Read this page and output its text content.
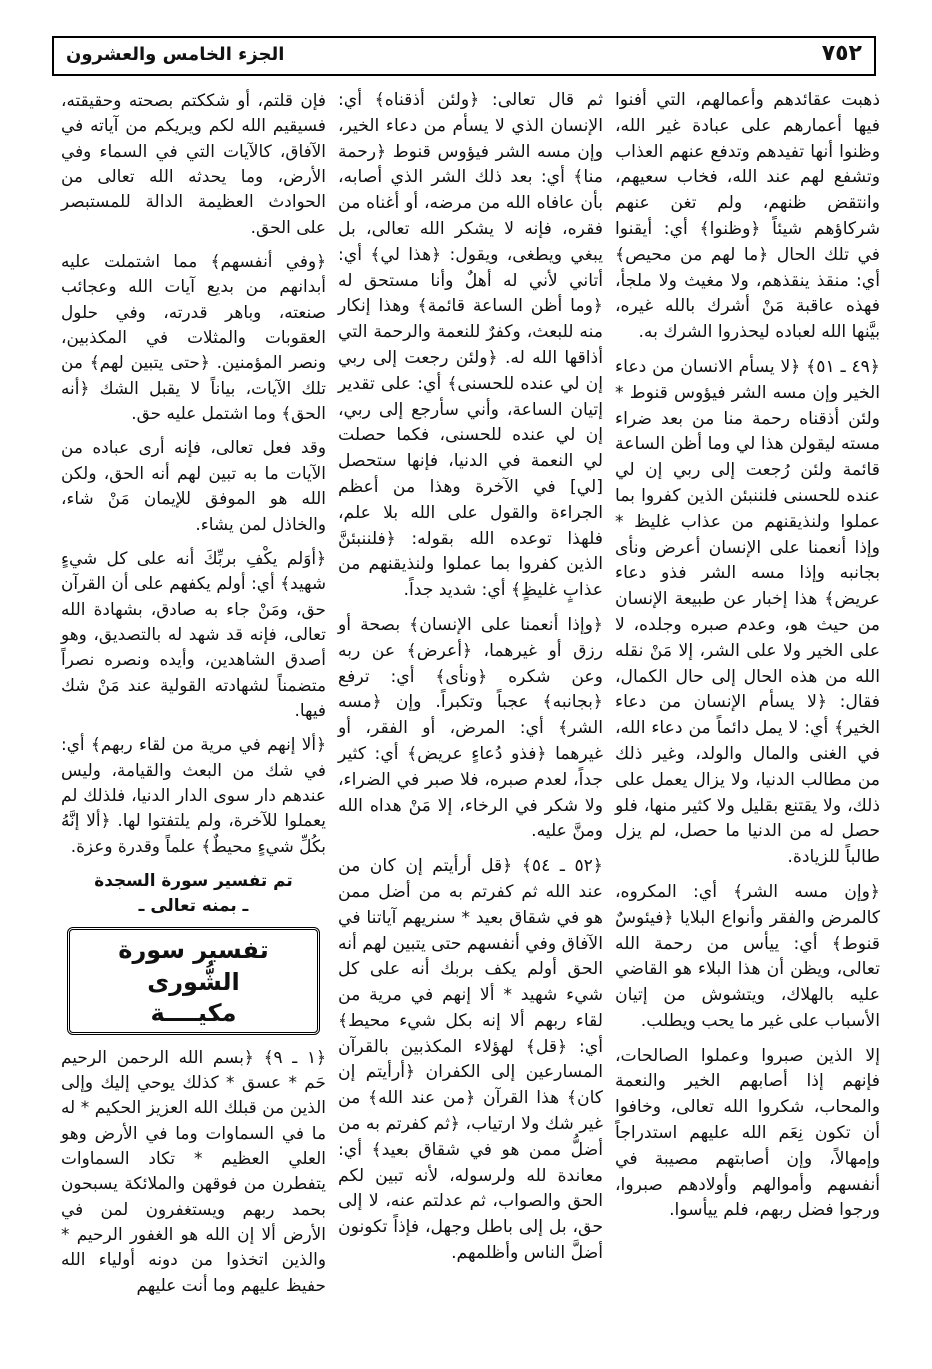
٧٥٢
الجزء الخامس والعشرون

ذهبت عقائدهم وأعمالهم، التي أفنوا فيها أعمارهم على عبادة غير الله، وظنوا أنها تفيدهم وتدفع عنهم العذاب وتشفع لهم عند الله، فخاب سعيهم، وانتقض ظنهم، ولم تغن عنهم شركاؤهم شيئاً ﴿وظنوا﴾ أي: أيقنوا في تلك الحال ﴿ما لهم من محيص﴾ أي: منقذ ينقذهم، ولا مغيث ولا ملجأ، فهذه عاقبة مَنْ أشرك بالله غيره، بيَّنها الله لعباده ليحذروا الشرك به.

﴿٤٩ ـ ٥١﴾ ﴿لا يسأم الانسان من دعاء الخير وإن مسه الشر فيؤوس قنوط * ولئن أذقناه رحمة منا من بعد ضراء مسته ليقولن هذا لي وما أظن الساعة قائمة ولئن رُجعت إلى ربي إن لي عنده للحسنى فلننبئن الذين كفروا بما عملوا ولنذيقنهم من عذاب غليظ * وإذا أنعمنا على الإنسان أعرض ونأى بجانبه وإذا مسه الشر فذو دعاء عريض﴾ هذا إخبار عن طبيعة الإنسان من حيث هو، وعدم صبره وجلده، لا على الخير ولا على الشر، إلا مَنْ نقله الله من هذه الحال إلى حال الكمال، فقال: ﴿لا يسأم الإنسان من دعاء الخير﴾ أي: لا يمل دائماً من دعاء الله، في الغنى والمال والولد، وغير ذلك من مطالب الدنيا، ولا يزال يعمل على ذلك، ولا يقتنع بقليل ولا كثير منها، فلو حصل له من الدنيا ما حصل، لم يزل طالباً للزيادة.

﴿وإن مسه الشر﴾ أي: المكروه، كالمرض والفقر وأنواع البلايا ﴿فيئوسٌ قنوط﴾ أي: ييأس من رحمة الله تعالى، ويظن أن هذا البلاء هو القاضي عليه بالهلاك، ويتشوش من إتيان الأسباب على غير ما يحب ويطلب.

إلا الذين صبروا وعملوا الصالحات، فإنهم إذا أصابهم الخير والنعمة والمحاب، شكروا الله تعالى، وخافوا أن تكون نِعَم الله عليهم استدراجاً وإمهالاً، وإن أصابتهم مصيبة في أنفسهم وأموالهم وأولادهم صبروا، ورجوا فضل ربهم، فلم ييأسوا.

ثم قال تعالى: ﴿ولئن أذقناه﴾ أي: الإنسان الذي لا يسأم من دعاء الخير، وإن مسه الشر فيؤوس قنوط ﴿رحمة منا﴾ أي: بعد ذلك الشر الذي أصابه، بأن عافاه الله من مرضه، أو أغناه من فقره، فإنه لا يشكر الله تعالى، بل يبغي ويطغى، ويقول: ﴿هذا لي﴾ أي: أتاني لأني له أهلٌ وأنا مستحق له ﴿وما أظن الساعة قائمة﴾ وهذا إنكار منه للبعث، وكفرٌ للنعمة والرحمة التي أذاقها الله له. ﴿ولئن رجعت إلى ربي إن لي عنده للحسنى﴾ أي: على تقدير إتيان الساعة، وأني سأرجع إلى ربي، إن لي عنده للحسنى، فكما حصلت لي النعمة في الدنيا، فإنها ستحصل [لي] في الآخرة وهذا من أعظم الجراءة والقول على الله بلا علم، فلهذا توعده الله بقوله: ﴿فلننبئنَّ الذين كفروا بما عملوا ولنذيقنهم من عذابٍ غليظٍ﴾ أي: شديد جداً.

﴿وإذا أنعمنا على الإنسان﴾ بصحة أو رزق أو غيرهما، ﴿أعرض﴾ عن ربه وعن شكره ﴿ونأى﴾ أي: ترفع ﴿بجانبه﴾ عجباً وتكبراً. وإن ﴿مسه الشر﴾ أي: المرض، أو الفقر، أو غيرهما ﴿فذو دُعاءٍ عريض﴾ أي: كثير جداً، لعدم صبره، فلا صبر في الضراء، ولا شكر في الرخاء، إلا مَنْ هداه الله ومنَّ عليه.

﴿٥٢ ـ ٥٤﴾ ﴿قل أرأيتم إن كان من عند الله ثم كفرتم به من أضل ممن هو في شقاق بعيد * سنريهم آياتنا في الآفاق وفي أنفسهم حتى يتبين لهم أنه الحق أولم يكف بربك أنه على كل شيء شهيد * ألا إنهم في مرية من لقاء ربهم ألا إنه بكل شيء محيط﴾ أي: ﴿قل﴾ لهؤلاء المكذبين بالقرآن المسارعين إلى الكفران ﴿أرأيتم إن كان﴾ هذا القرآن ﴿من عند الله﴾ من غير شك ولا ارتياب، ﴿ثم كفرتم به من أضلُّ ممن هو في شقاق بعيد﴾ أي: معاندة لله ولرسوله، لأنه تبين لكم الحق والصواب، ثم عدلتم عنه، لا إلى حق، بل إلى باطل وجهل، فإذاً تكونون أضلَّ الناس وأظلمهم.

فإن قلتم، أو شككتم بصحته وحقيقته، فسيقيم الله لكم ويريكم من آياته في الآفاق، كالآيات التي في السماء وفي الأرض، وما يحدثه الله تعالى من الحوادث العظيمة الدالة للمستبصر على الحق.

﴿وفي أنفسهم﴾ مما اشتملت عليه أبدانهم من بديع آيات الله وعجائب صنعته، وباهر قدرته، وفي حلول العقوبات والمثلات في المكذبين، ونصر المؤمنين. ﴿حتى يتبين لهم﴾ من تلك الآيات، بياناً لا يقبل الشك ﴿أنه الحق﴾ وما اشتمل عليه حق.

وقد فعل تعالى، فإنه أرى عباده من الآيات ما به تبين لهم أنه الحق، ولكن الله هو الموفق للإيمان مَنْ شاء، والخاذل لمن يشاء.

﴿أوَلم يكْفِ بربِّكَ أنه على كل شيءٍ شهيد﴾ أي: أولم يكفهم على أن القرآن حق، ومَنْ جاء به صادق، بشهادة الله تعالى، فإنه قد شهد له بالتصديق، وهو أصدق الشاهدين، وأيده ونصره نصراً متضمناً لشهادته القولية عند مَنْ شك فيها.

﴿ألا إنهم في مرية من لقاء ربهم﴾ أي: في شك من البعث والقيامة، وليس عندهم دار سوى الدار الدنيا، فلذلك لم يعملوا للآخرة، ولم يلتفتوا لها. ﴿ألا إنَّهُ بكُلِّ شيءٍ محيطٌ﴾ علماً وقدرة وعزة.

تم تفسير سورة السجدة

ـ بمنه تعالى ـ

تفسير سورة الشُّورى
مكيــــة

﴿١ ـ ٩﴾ ﴿بسم الله الرحمن الرحيم حَم * عسق * كذلك يوحي إليك وإلى الذين من قبلك الله العزيز الحكيم * له ما في السماوات وما في الأرض وهو العلي العظيم * تكاد السماوات يتفطرن من فوقهن والملائكة يسبحون بحمد ربهم ويستغفرون لمن في الأرض ألا إن الله هو الغفور الرحيم * والذين اتخذوا من دونه أولياء الله حفيظ عليهم وما أنت عليهم
